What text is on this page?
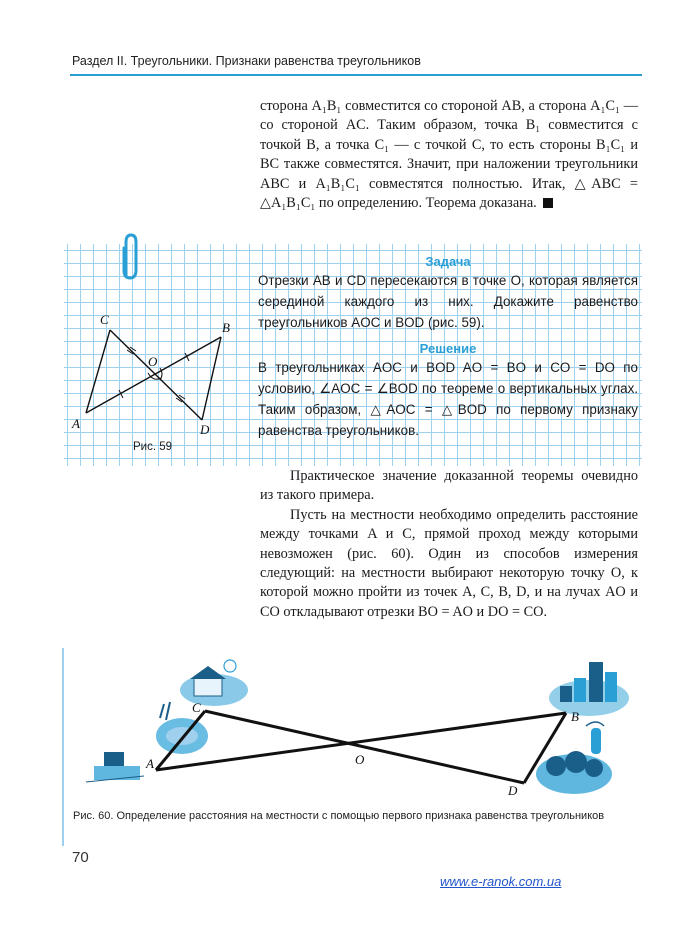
Раздел II. Треугольники. Признаки равенства треугольников

сторона A₁B₁ совместится со стороной AB, а сторона A₁C₁ — со стороной AC. Таким образом, точка B₁ совместится с точкой B, а точка C₁ — с точкой C, то есть стороны B₁C₁ и BC также совместятся. Значит, при наложении треугольники ABC и A₁B₁C₁ совместятся полностью. Итак, △ABC = △A₁B₁C₁ по определению. Теорема доказана.

Задача
Отрезки AB и CD пересекаются в точке O, которая является серединой каждого из них. Докажите равенство треугольников AOC и BOD (рис. 59).
Решение
В треугольниках AOC и BOD AO = BO и CO = DO по условию, ∠AOC = ∠BOD по теореме о вертикальных углах. Таким образом, △AOC = △BOD по первому признаку равенства треугольников.
C
B
O
A	D
Рис. 59

Практическое значение доказанной теоремы очевидно из такого примера.

Пусть на местности необходимо определить расстояние между точками A и C, прямой проход между которыми невозможен (рис. 60). Один из способов измерения следующий: на местности выбирают некоторую точку O, к которой можно пройти из точек A, C, B, D, и на лучах AO и CO откладывают отрезки BO = AO и DO = CO.

A
C
O
B
D
Рис. 60. Определение расстояния на местности с помощью первого признака равенства треугольников
70
www.e-ranok.com.ua
